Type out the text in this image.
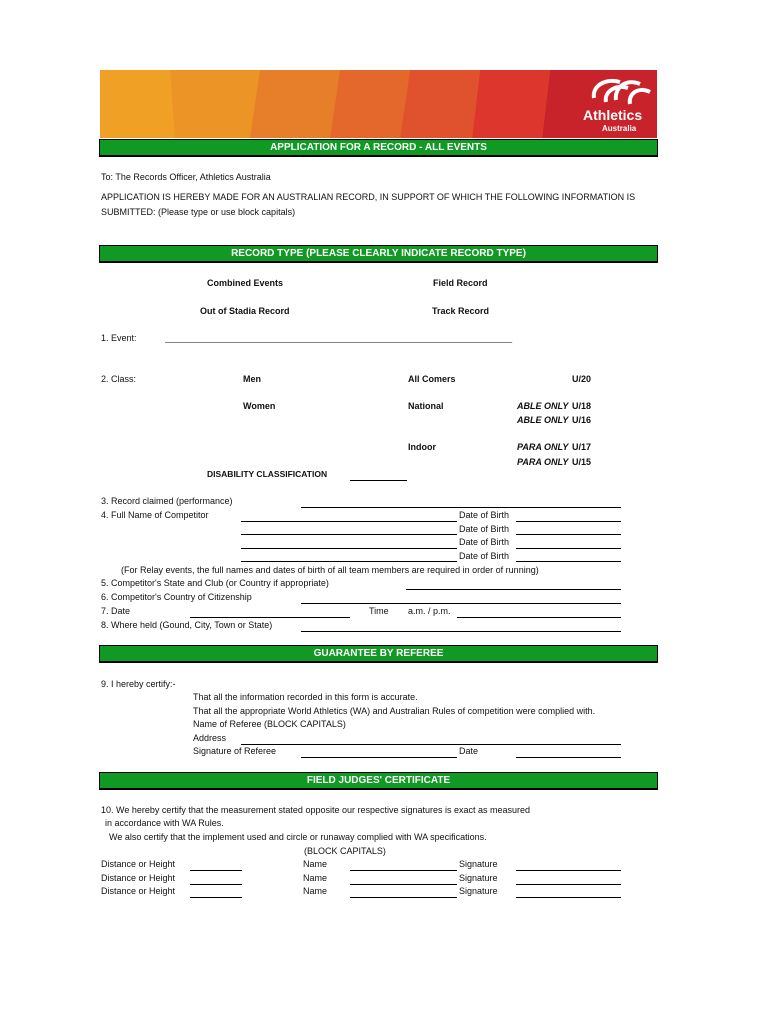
Athletics
Australia
APPLICATION FOR A RECORD - ALL EVENTS
To: The Records Officer, Athletics Australia
APPLICATION IS HEREBY MADE FOR AN AUSTRALIAN RECORD, IN SUPPORT OF WHICH THE FOLLOWING INFORMATION IS
SUBMITTED: (Please type or use block capitals)
RECORD TYPE (PLEASE CLEARLY INDICATE RECORD TYPE)
Combined Events	Field Record
Out of Stadia Record	Track Record
1. Event:	______________________________________________________________________________
2. Class:	Men	All Comers	U/20
Women	National	ABLE ONLY U/18
ABLE ONLY U/16
Indoor	PARA ONLY U/17
PARA ONLY U/15
DISABILITY CLASSIFICATION
3. Record claimed (performance)
4. Full Name of Competitor	Date of Birth
Date of Birth
Date of Birth
Date of Birth
(For Relay events, the full names and dates of birth of all team members are required in order of running)
5. Competitor's State and Club (or Country if appropriate)
6. Competitor's Country of Citizenship
7. Date	Time a.m. / p.m.
8. Where held (Gound, City, Town or State)
GUARANTEE BY REFEREE
9. I hereby certify:-
That all the information recorded in this form is accurate.
That all the appropriate World Athletics (WA) and Australian Rules of competition were complied with.
Name of Referee (BLOCK CAPITALS)
Address
Signature of Referee	Date
FIELD JUDGES' CERTIFICATE
10. We hereby certify that the measurement stated opposite our respective signatures is exact as measured
in accordance with WA Rules.
We also certify that the implement used and circle or runaway complied with WA specifications.
(BLOCK CAPITALS)
Distance or Height	Name	Signature
Distance or Height	Name	Signature
Distance or Height	Name	Signature
